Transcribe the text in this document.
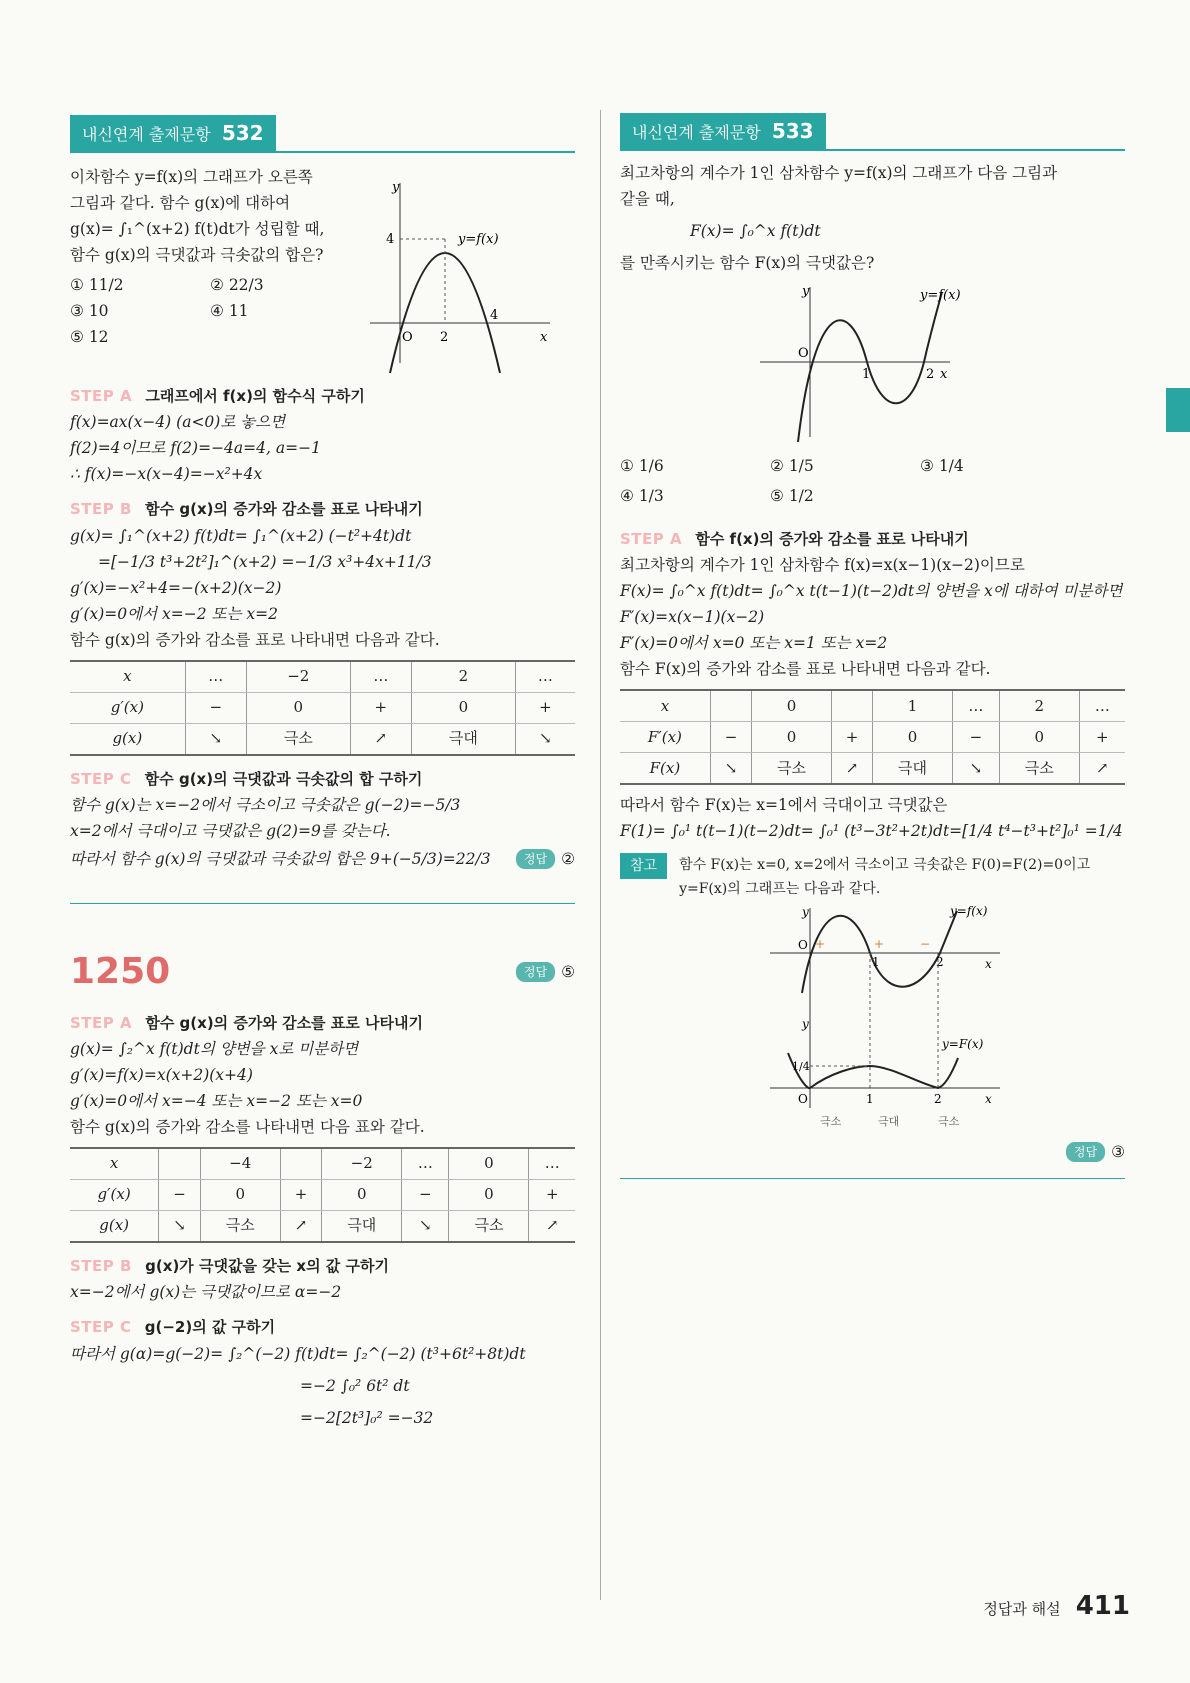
내신연계 출제문항 532

이차함수 y=f(x)의 그래프가 오른쪽

그림과 같다. 함수 g(x)에 대하여

g(x)= ∫₁^(x+2) f(t)dt가 성립할 때,

함수 g(x)의 극댓값과 극솟값의 합은?

① 11/2	② 22/3
③ 10	④ 11
⑤ 12
y
x
y=f(x)
O 2
4
4
STEP A 그래프에서 f(x)의 함수식 구하기

f(x)=ax(x−4) (a<0)로 놓으면

f(2)=4이므로 f(2)=−4a=4, a=−1

∴ f(x)=−x(x−4)=−x²+4x

STEP B 함수 g(x)의 증가와 감소를 표로 나타내기

g(x)= ∫₁^(x+2) f(t)dt= ∫₁^(x+2) (−t²+4t)dt

=[−1/3 t³+2t²]₁^(x+2) =−1/3 x³+4x+11/3

g′(x)=−x²+4=−(x+2)(x−2)

g′(x)=0에서 x=−2 또는 x=2

함수 g(x)의 증가와 감소를 표로 나타내면 다음과 같다.

x	…	−2	…	2	…
g′(x)	−	0	+	0	+
g(x)	↘	극소	↗	극대	↘
STEP C 함수 g(x)의 극댓값과 극솟값의 합 구하기

함수 g(x)는 x=−2에서 극소이고 극솟값은 g(−2)=−5/3

x=2에서 극대이고 극댓값은 g(2)=9를 갖는다.

따라서 함수 g(x)의 극댓값과 극솟값의 합은 9+(−5/3)=22/3	정답 ②
1250	정답 ⑤
STEP A 함수 g(x)의 증가와 감소를 표로 나타내기

g(x)= ∫₂^x f(t)dt의 양변을 x로 미분하면

g′(x)=f(x)=x(x+2)(x+4)

g′(x)=0에서 x=−4 또는 x=−2 또는 x=0

함수 g(x)의 증가와 감소를 나타내면 다음 표와 같다.

x		−4		−2	…	0	…
g′(x)	−	0	+	0	−	0	+
g(x)	↘	극소	↗	극대	↘	극소	↗
STEP B g(x)가 극댓값을 갖는 x의 값 구하기

x=−2에서 g(x)는 극댓값이므로 α=−2

STEP C g(−2)의 값 구하기

따라서 g(α)=g(−2)= ∫₂^(−2) f(t)dt= ∫₂^(−2) (t³+6t²+8t)dt

=−2 ∫₀² 6t² dt

=−2[2t³]₀² =−32

내신연계 출제문항 533

최고차항의 계수가 1인 삼차함수 y=f(x)의 그래프가 다음 그림과

같을 때,

F(x)= ∫₀^x f(t)dt

를 만족시키는 함수 F(x)의 극댓값은?

y
x
y=f(x)
O
1	2
① 1/6	② 1/5	③ 1/4
④ 1/3	⑤ 1/2
STEP A 함수 f(x)의 증가와 감소를 표로 나타내기

최고차항의 계수가 1인 삼차함수 f(x)=x(x−1)(x−2)이므로

F(x)= ∫₀^x f(t)dt= ∫₀^x t(t−1)(t−2)dt의 양변을 x에 대하여 미분하면

F′(x)=x(x−1)(x−2)

F′(x)=0에서 x=0 또는 x=1 또는 x=2

함수 F(x)의 증가와 감소를 표로 나타내면 다음과 같다.

x		0		1	…	2	…
F′(x)	−	0	+	0	−	0	+
F(x)	↘	극소	↗	극대	↘	극소	↗

따라서 함수 F(x)는 x=1에서 극대이고 극댓값은

F(1)= ∫₀¹ t(t−1)(t−2)dt= ∫₀¹ (t³−3t²+2t)dt=[1/4 t⁴−t³+t²]₀¹ =1/4

참고	함수 F(x)는 x=0, x=2에서 극소이고 극솟값은 F(0)=F(2)=0이고

y=F(x)의 그래프는 다음과 같다.

y
x
y=f(x)
O +	+	−
1	2
y
x
y=F(x)
1/4
O	1	2
극소	극대	극소
정답 ③
정답과 해설 411
